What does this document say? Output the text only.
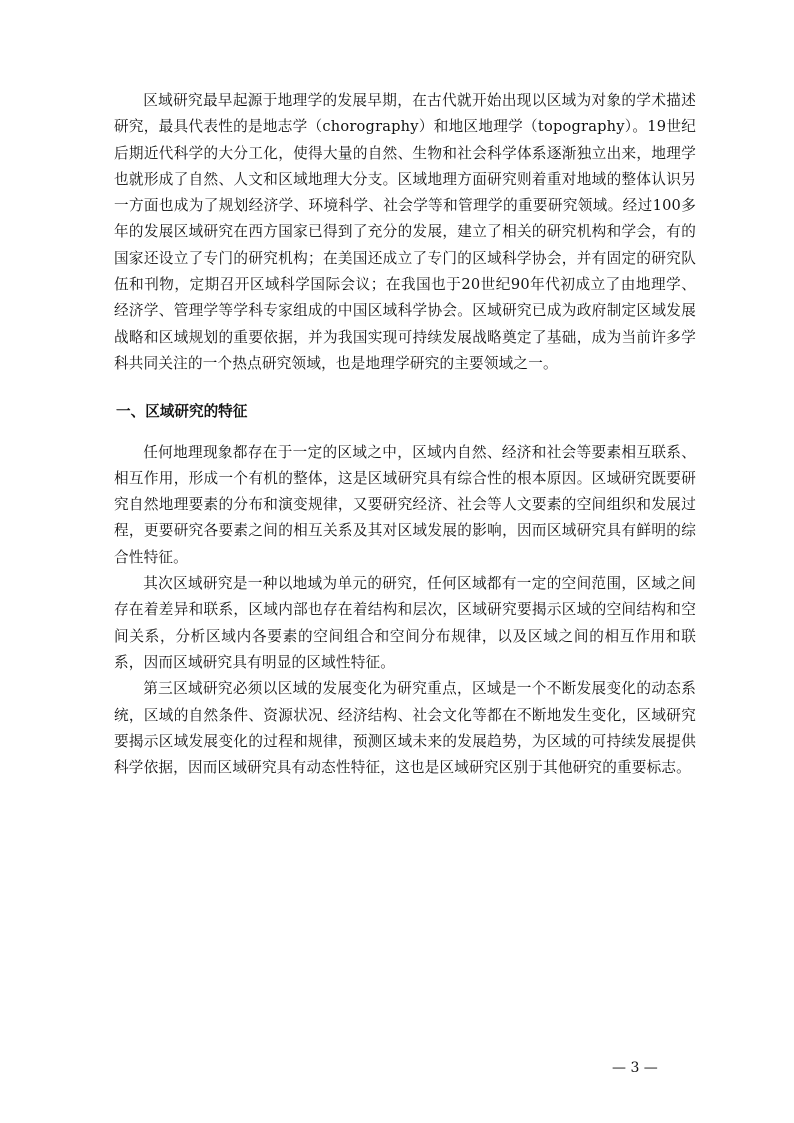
区域研究最早起源于地理学的发展早期，在古代就开始出现以区域为对象的学术描述研究，最具代表性的是地志学（chorography）和地区地理学（topography）。19世纪后期近代科学的大分工化，使得大量的自然、生物和社会科学体系逐渐独立出来，地理学也就形成了自然、人文和区域地理大分支。区域地理方面研究则着重对地域的整体认识另一方面也成为了规划经济学、环境科学、社会学等和管理学的重要研究领域。经过100多年的发展区域研究在西方国家已得到了充分的发展，建立了相关的研究机构和学会，有的国家还设立了专门的研究机构；在美国还成立了专门的区域科学协会，并有固定的研究队伍和刊物，定期召开区域科学国际会议；在我国也于20世纪90年代初成立了由地理学、经济学、管理学等学科专家组成的中国区域科学协会。区域研究已成为政府制定区域发展战略和区域规划的重要依据，并为我国实现可持续发展战略奠定了基础，成为当前许多学科共同关注的一个热点研究领域，也是地理学研究的主要领域之一。

一、区域研究的特征

任何地理现象都存在于一定的区域之中，区域内自然、经济和社会等要素相互联系、相互作用，形成一个有机的整体，这是区域研究具有综合性的根本原因。区域研究既要研究自然地理要素的分布和演变规律，又要研究经济、社会等人文要素的空间组织和发展过程，更要研究各要素之间的相互关系及其对区域发展的影响，因而区域研究具有鲜明的综合性特征。

其次区域研究是一种以地域为单元的研究，任何区域都有一定的空间范围，区域之间存在着差异和联系，区域内部也存在着结构和层次，区域研究要揭示区域的空间结构和空间关系，分析区域内各要素的空间组合和空间分布规律，以及区域之间的相互作用和联系，因而区域研究具有明显的区域性特征。

第三区域研究必须以区域的发展变化为研究重点，区域是一个不断发展变化的动态系统，区域的自然条件、资源状况、经济结构、社会文化等都在不断地发生变化，区域研究要揭示区域发展变化的过程和规律，预测区域未来的发展趋势，为区域的可持续发展提供科学依据，因而区域研究具有动态性特征，这也是区域研究区别于其他研究的重要标志。

— 3 —
